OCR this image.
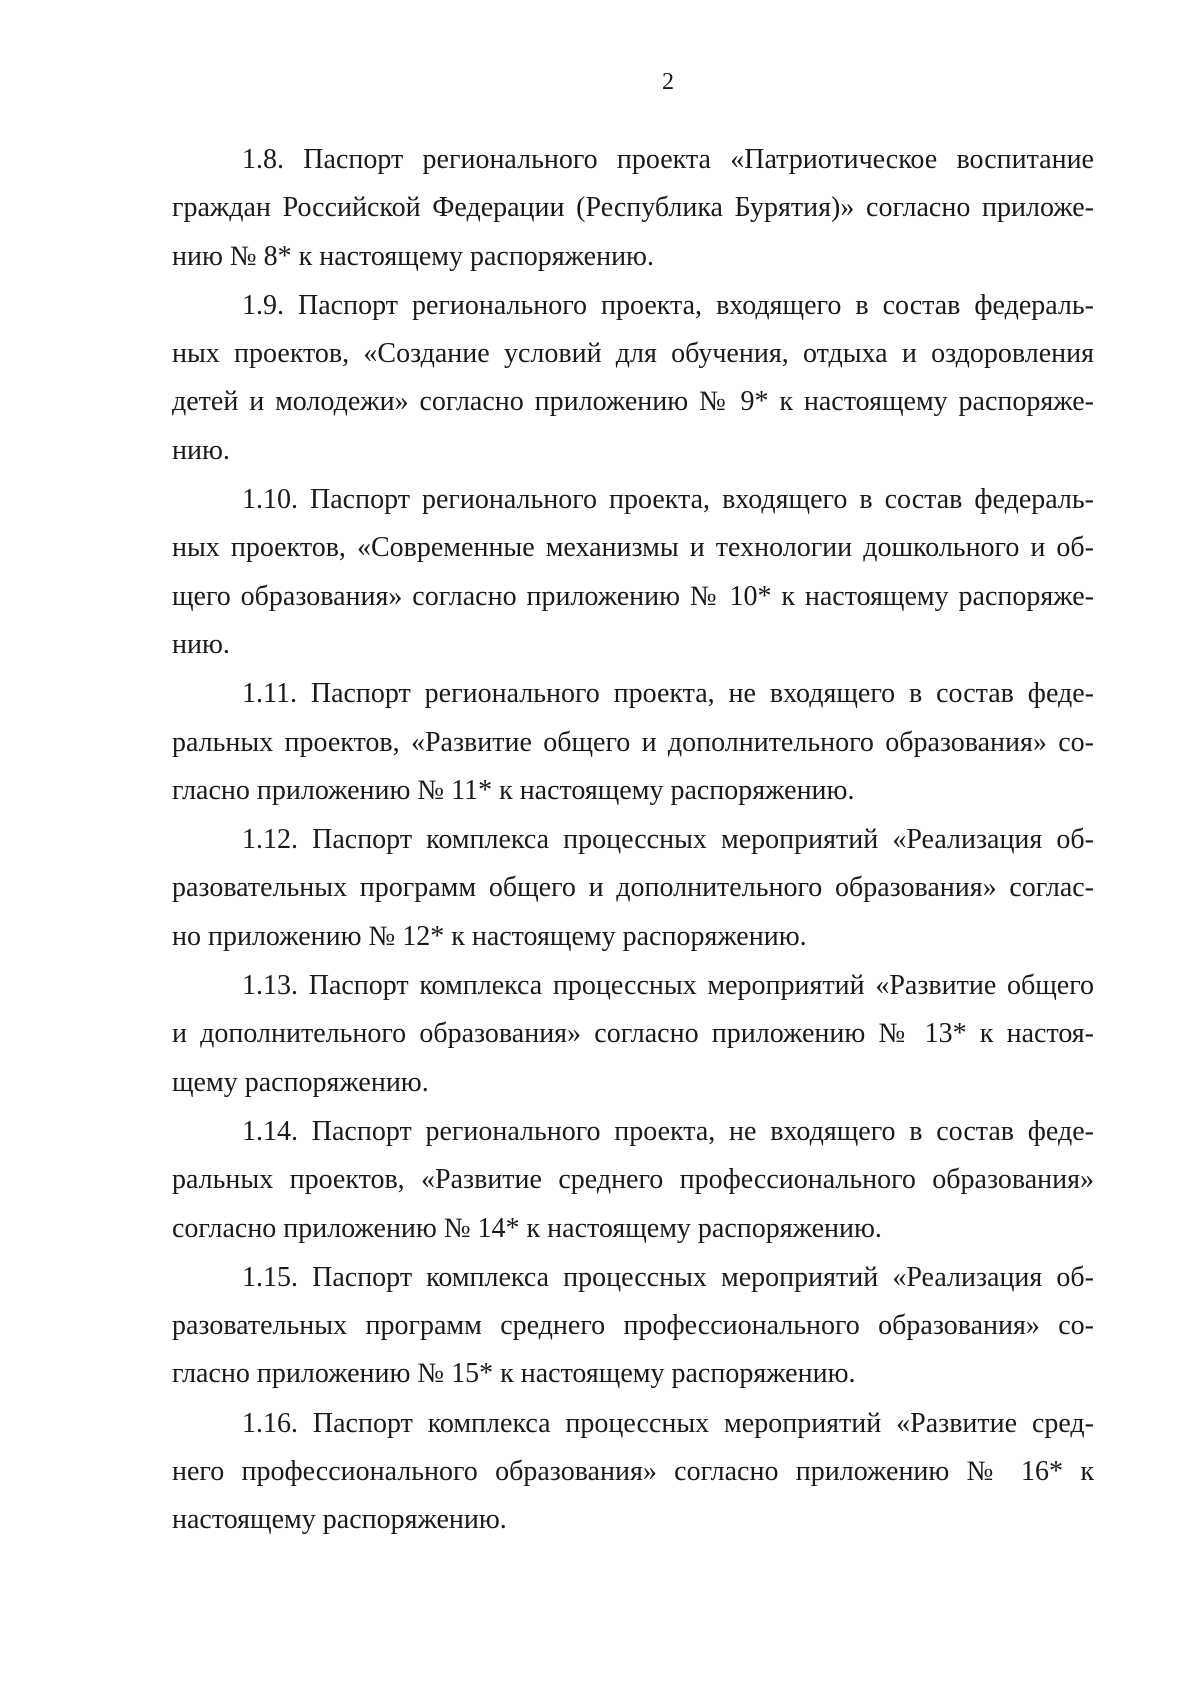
2
1.8. Паспорт регионального проекта «Патриотическое воспитание
граждан Российской Федерации (Республика Бурятия)» согласно приложе-
нию № 8* к настоящему распоряжению.
1.9. Паспорт регионального проекта, входящего в состав федераль-
ных проектов, «Создание условий для обучения, отдыха и оздоровления
детей и молодежи» согласно приложению № 9* к настоящему распоряже-
нию.
1.10. Паспорт регионального проекта, входящего в состав федераль-
ных проектов, «Современные механизмы и технологии дошкольного и об-
щего образования» согласно приложению № 10* к настоящему распоряже-
нию.
1.11. Паспорт регионального проекта, не входящего в состав феде-
ральных проектов, «Развитие общего и дополнительного образования» со-
гласно приложению № 11* к настоящему распоряжению.
1.12. Паспорт комплекса процессных мероприятий «Реализация об-
разовательных программ общего и дополнительного образования» соглас-
но приложению № 12* к настоящему распоряжению.
1.13. Паспорт комплекса процессных мероприятий «Развитие общего
и дополнительного образования» согласно приложению № 13* к настоя-
щему распоряжению.
1.14. Паспорт регионального проекта, не входящего в состав феде-
ральных проектов, «Развитие среднего профессионального образования»
согласно приложению № 14* к настоящему распоряжению.
1.15. Паспорт комплекса процессных мероприятий «Реализация об-
разовательных программ среднего профессионального образования» со-
гласно приложению № 15* к настоящему распоряжению.
1.16. Паспорт комплекса процессных мероприятий «Развитие сред-
него профессионального образования» согласно приложению № 16* к
настоящему распоряжению.
